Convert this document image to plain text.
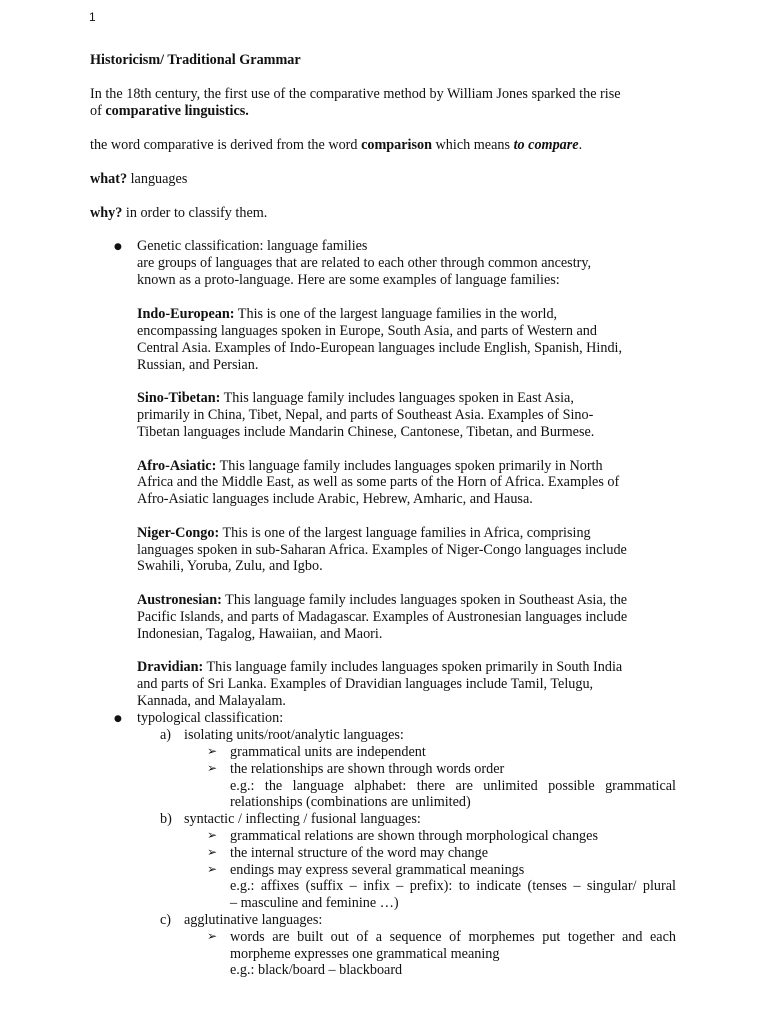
1
Historicism/ Traditional Grammar
In the 18th century, the first use of the comparative method by William Jones sparked the rise
of comparative linguistics.
the word comparative is derived from the word comparison which means to compare.
what? languages
why? in order to classify them.
● Genetic classification: language families
are groups of languages that are related to each other through common ancestry,
known as a proto-language. Here are some examples of language families:
Indo-European: This is one of the largest language families in the world,
encompassing languages spoken in Europe, South Asia, and parts of Western and
Central Asia. Examples of Indo-European languages include English, Spanish, Hindi,
Russian, and Persian.
Sino-Tibetan: This language family includes languages spoken in East Asia,
primarily in China, Tibet, Nepal, and parts of Southeast Asia. Examples of Sino-
Tibetan languages include Mandarin Chinese, Cantonese, Tibetan, and Burmese.
Afro-Asiatic: This language family includes languages spoken primarily in North
Africa and the Middle East, as well as some parts of the Horn of Africa. Examples of
Afro-Asiatic languages include Arabic, Hebrew, Amharic, and Hausa.
Niger-Congo: This is one of the largest language families in Africa, comprising
languages spoken in sub-Saharan Africa. Examples of Niger-Congo languages include
Swahili, Yoruba, Zulu, and Igbo.
Austronesian: This language family includes languages spoken in Southeast Asia, the
Pacific Islands, and parts of Madagascar. Examples of Austronesian languages include
Indonesian, Tagalog, Hawaiian, and Maori.
Dravidian: This language family includes languages spoken primarily in South India
and parts of Sri Lanka. Examples of Dravidian languages include Tamil, Telugu,
Kannada, and Malayalam.
● typological classification:
a) isolating units/root/analytic languages:
➢ grammatical units are independent
➢ the relationships are shown through words order
e.g.: the language alphabet: there are unlimited possible grammatical
relationships (combinations are unlimited)
b) syntactic / inflecting / fusional languages:
➢ grammatical relations are shown through morphological changes
➢ the internal structure of the word may change
➢ endings may express several grammatical meanings
e.g.: affixes (suffix – infix – prefix): to indicate (tenses – singular/ plural
– masculine and feminine …)
c) agglutinative languages:
➢ words are built out of a sequence of morphemes put together and each
morpheme expresses one grammatical meaning
e.g.: black/board – blackboard
